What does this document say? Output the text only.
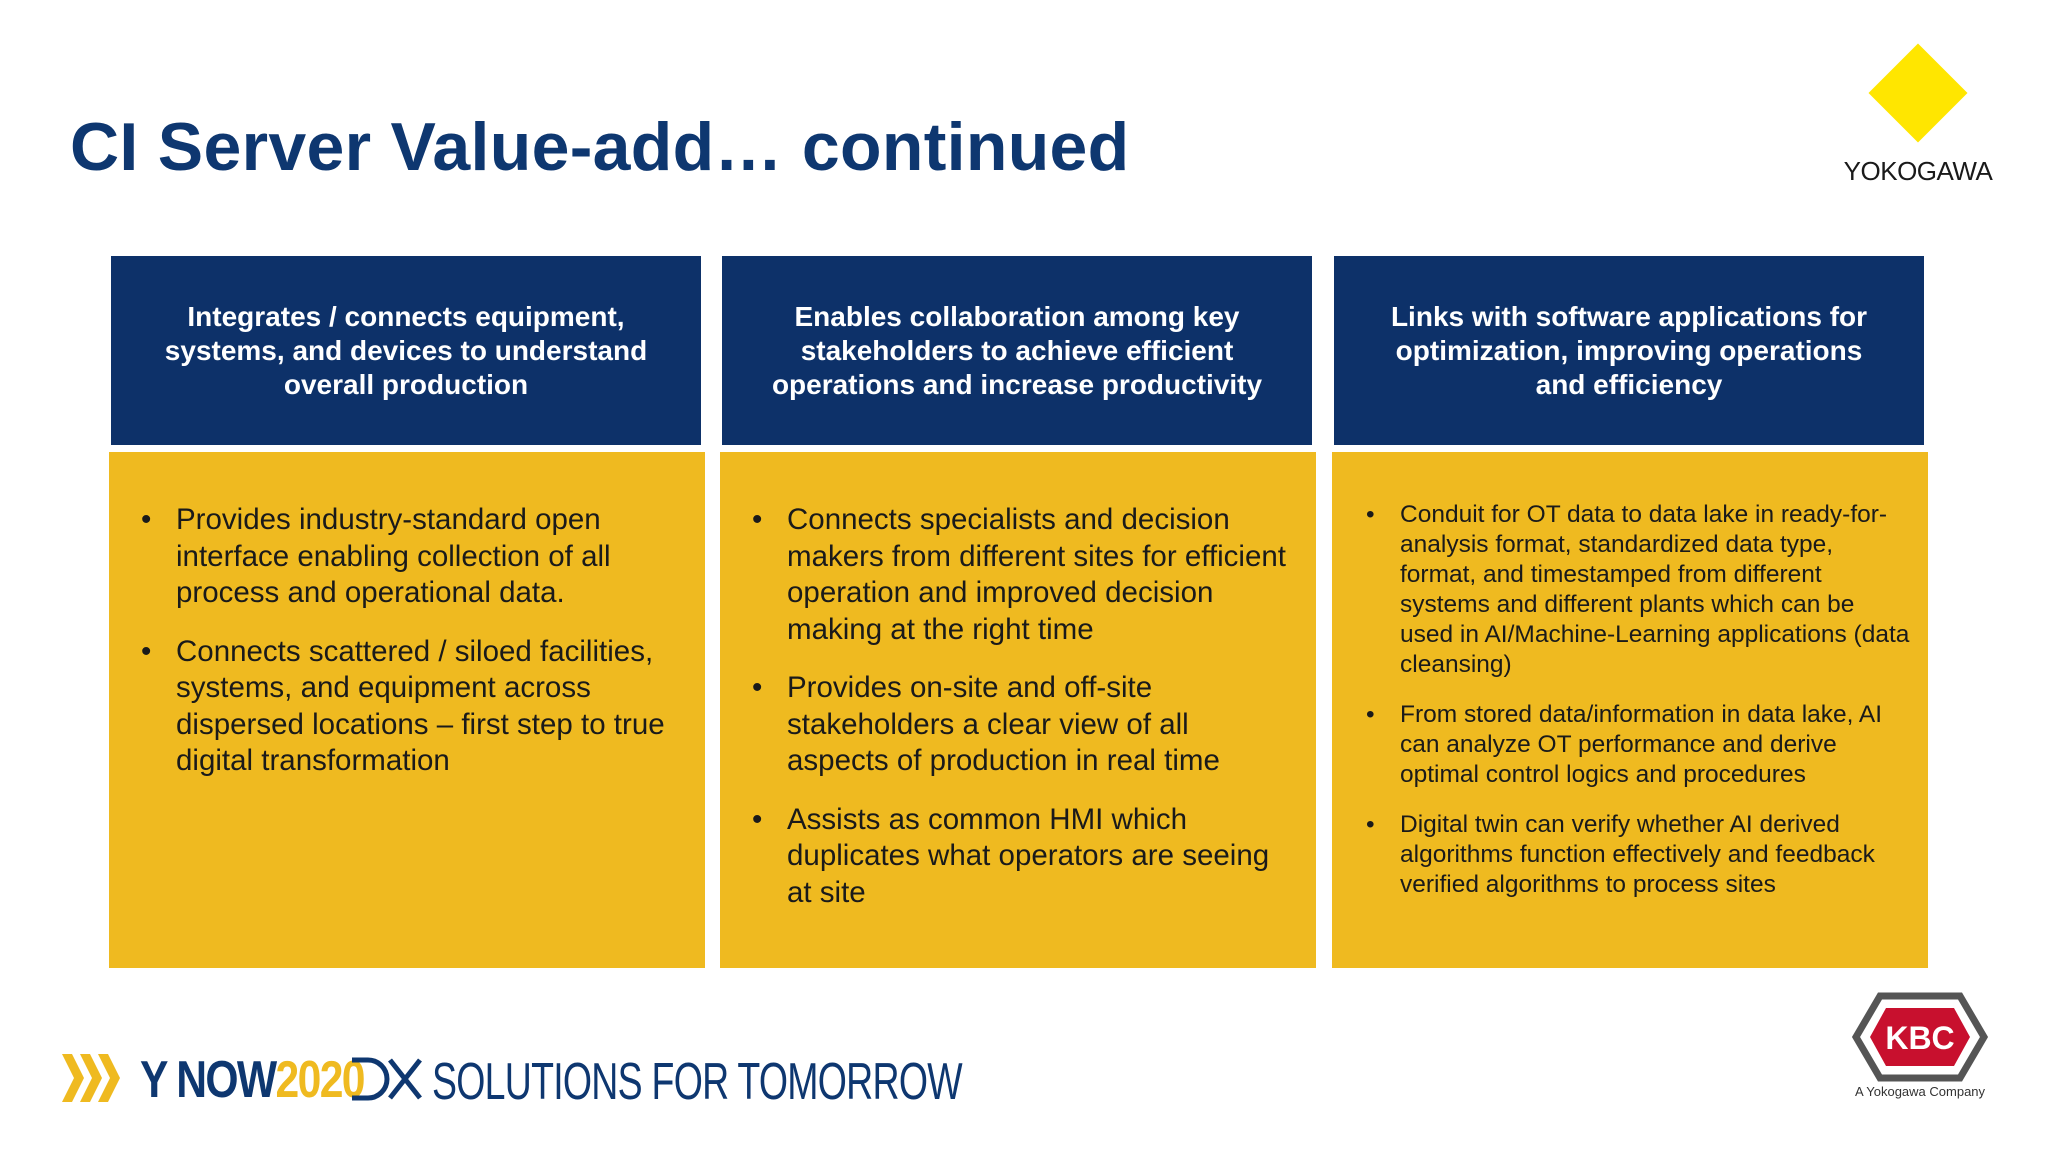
CI Server Value-add… continued	YOKOGAWA
Integrates / connects equipment, systems, and devices to understand overall production
• Provides industry-standard open interface enabling collection of all process and operational data.
• Connects scattered / siloed facilities, systems, and equipment across dispersed locations – first step to true digital transformation
Enables collaboration among key stakeholders to achieve efficient operations and increase productivity
• Connects specialists and decision makers from different sites for efficient operation and improved decision making at the right time
• Provides on-site and off-site stakeholders a clear view of all aspects of production in real time
• Assists as common HMI which duplicates what operators are seeing at site
Links with software applications for optimization, improving operations and efficiency
• Conduit for OT data to data lake in ready-for-analysis format, standardized data type, format, and timestamped from different systems and different plants which can be used in AI/Machine-Learning applications (data cleansing)
• From stored data/information in data lake, AI can analyze OT performance and derive optimal control logics and procedures
• Digital twin can verify whether AI derived algorithms function effectively and feedback verified algorithms to process sites
Y NOW2020 SOLUTIONS FOR TOMORROW
KBC
A Yokogawa Company
